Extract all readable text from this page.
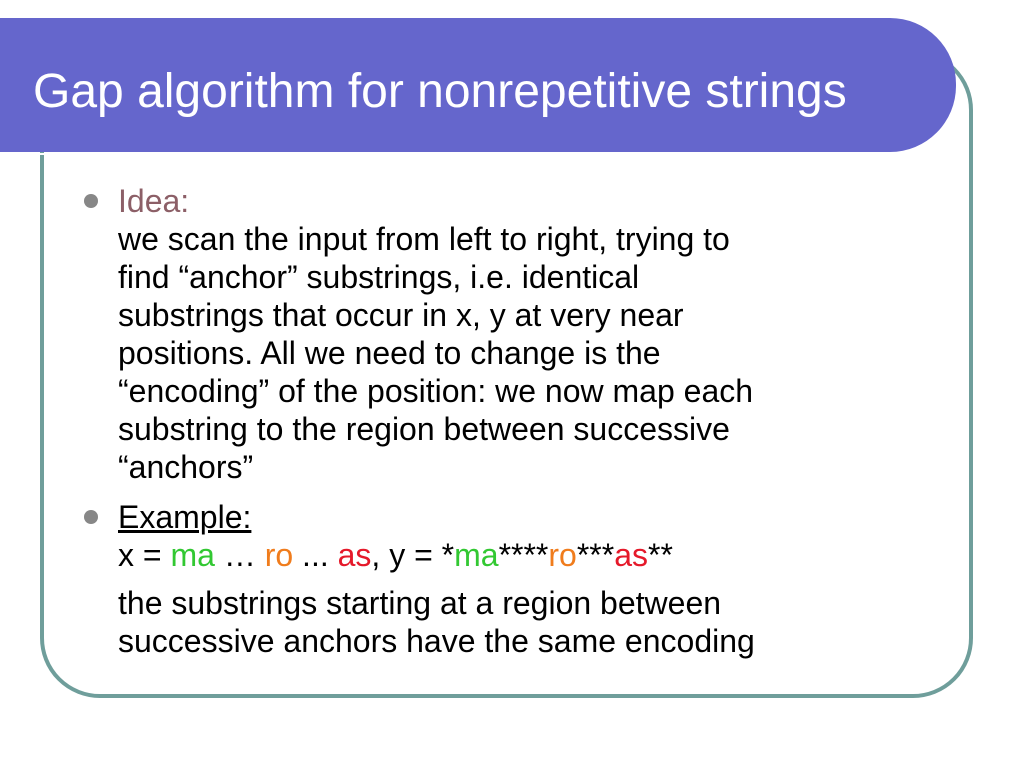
Gap algorithm for nonrepetitive strings
Idea:
we scan the input from left to right, trying to
find “anchor” substrings, i.e. identical
substrings that occur in x, y at very near
positions. All we need to change is the
“encoding” of the position: we now map each
substring to the region between successive
“anchors”
Example:
x = ma … ro ... as, y = *ma****ro***as**
the substrings starting at a region between
successive anchors have the same encoding
